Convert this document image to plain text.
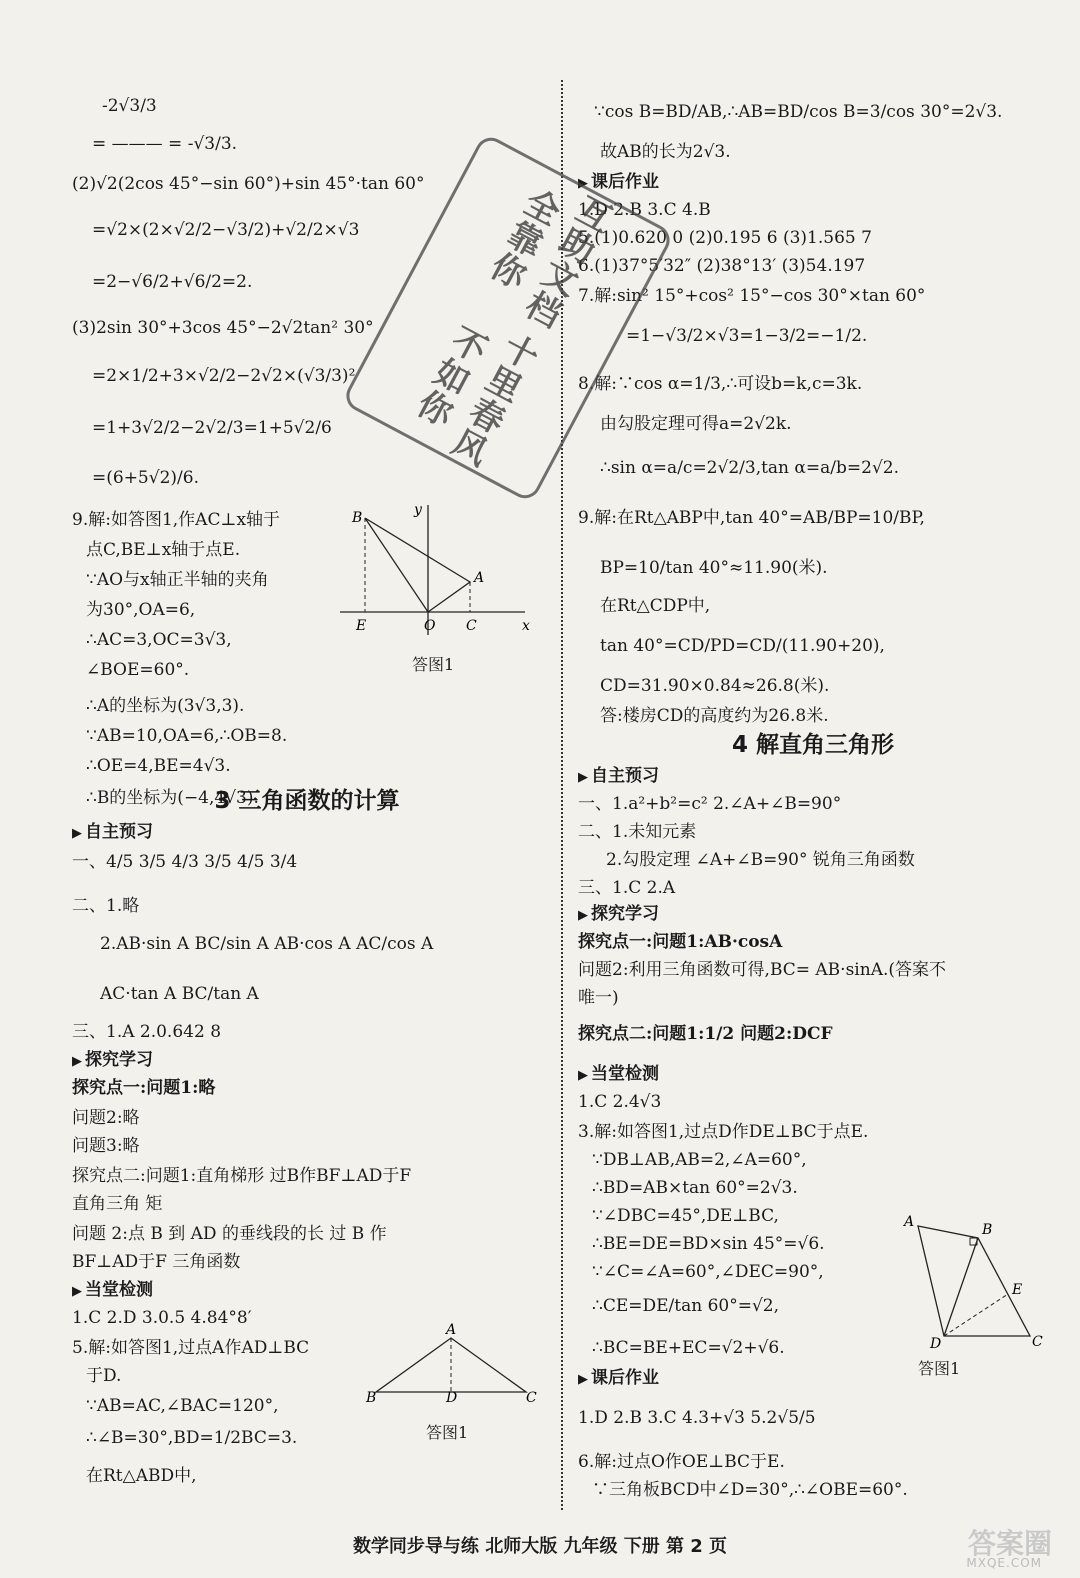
-2√3/3
= ——— = -√3/3.
(2)√2(2cos 45°−sin 60°)+sin 45°·tan 60°
=√2×(2×√2/2−√3/2)+√2/2×√3
=2−√6/2+√6/2=2.
(3)2sin 30°+3cos 45°−2√2tan² 30°
=2×1/2+3×√2/2−2√2×(√3/3)²
=1+3√2/2−2√2/3=1+5√2/6
=(6+5√2)/6.
9.解:如答图1,作AC⊥x轴于
点C,BE⊥x轴于点E.
∵AO与x轴正半轴的夹角
为30°,OA=6,
∴AC=3,OC=3√3,
∠BOE=60°.
∴A的坐标为(3√3,3).
∵AB=10,OA=6,∴OB=8.
∴OE=4,BE=4√3.
∴B的坐标为(−4,4√3).
B	y
A
E	O C	x
答图1
3 三角函数的计算
▶ 自主预习
一、4/5 3/5 4/3 3/5 4/5 3/4
二、1.略
2.AB·sin A BC/sin A AB·cos A AC/cos A
AC·tan A BC/tan A
三、1.A 2.0.642 8
▶ 探究学习
探究点一:问题1:略
问题2:略
问题3:略
探究点二:问题1:直角梯形 过B作BF⊥AD于F
直角三角 矩
问题 2:点 B 到 AD 的垂线段的长 过 B 作
BF⊥AD于F 三角函数
▶ 当堂检测
1.C 2.D 3.0.5 4.84°8′
5.解:如答图1,过点A作AD⊥BC
于D.
∵AB=AC,∠BAC=120°,
∴∠B=30°,BD=1/2BC=3.
在Rt△ABD中,
A
B	D	C
答图1
∵cos B=BD/AB,∴AB=BD/cos B=3/cos 30°=2√3.
故AB的长为2√3.
▶ 课后作业
1.D 2.B 3.C 4.B
5.(1)0.620 0 (2)0.195 6 (3)1.565 7
6.(1)37°5′32″ (2)38°13′ (3)54.197
7.解:sin² 15°+cos² 15°−cos 30°×tan 60°
=1−√3/2×√3=1−3/2=−1/2.
8.解:∵cos α=1/3,∴可设b=k,c=3k.
由勾股定理可得a=2√2k.
∴sin α=a/c=2√2/3,tan α=a/b=2√2.
9.解:在Rt△ABP中,tan 40°=AB/BP=10/BP,
BP=10/tan 40°≈11.90(米).
在Rt△CDP中,
tan 40°=CD/PD=CD/(11.90+20),
CD=31.90×0.84≈26.8(米).
答:楼房CD的高度约为26.8米.
4 解直角三角形
▶ 自主预习
一、1.a²+b²=c² 2.∠A+∠B=90°
二、1.未知元素
2.勾股定理 ∠A+∠B=90° 锐角三角函数
三、1.C 2.A
▶ 探究学习
探究点一:问题1:AB·cosA
问题2:利用三角函数可得,BC= AB·sinA.(答案不
唯一)
探究点二:问题1:1/2 问题2:DCF
▶ 当堂检测
1.C 2.4√3
3.解:如答图1,过点D作DE⊥BC于点E.
∵DB⊥AB,AB=2,∠A=60°,
∴BD=AB×tan 60°=2√3.
∵∠DBC=45°,DE⊥BC,
∴BE=DE=BD×sin 45°=√6.
∵∠C=∠A=60°,∠DEC=90°,
∴CE=DE/tan 60°=√2,
∴BC=BE+EC=√2+√6.
A	B
E
D	C
答图1
▶ 课后作业
1.D 2.B 3.C 4.3+√3 5.2√5/5
6.解:过点O作OE⊥BC于E.
∵三角板BCD中∠D=30°,∴∠OBE=60°.
十里春风不如你
互助文档全靠你
数学同步导与练 北师大版 九年级 下册 第 2 页	答案圈
MXQE.COM
